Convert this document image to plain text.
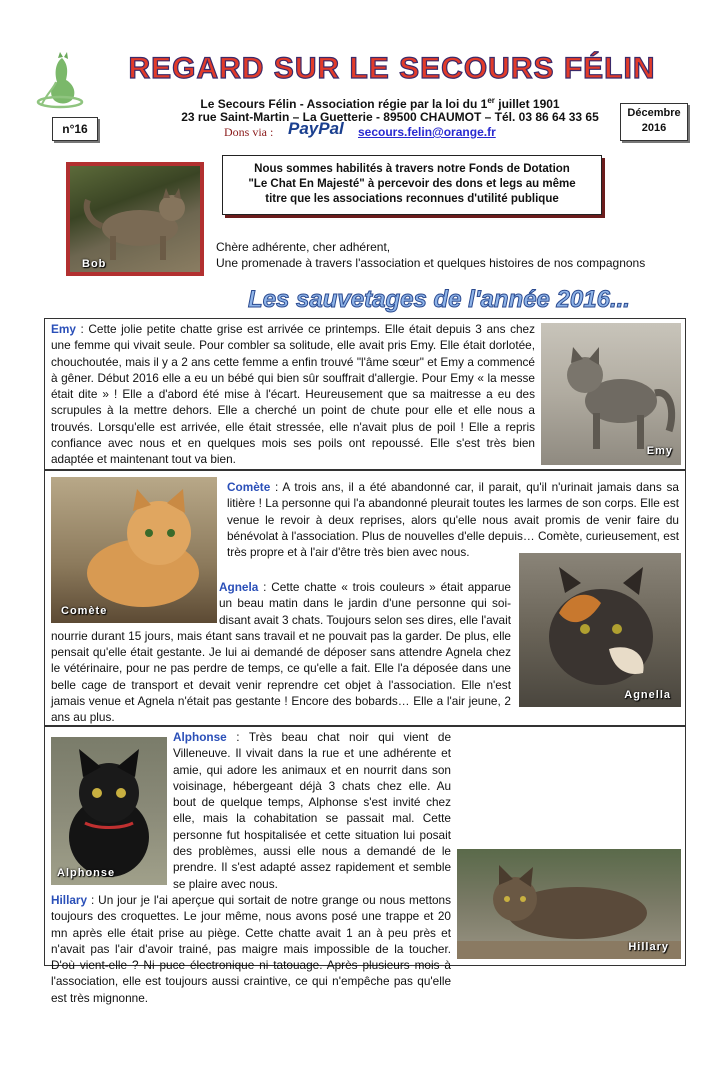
REGARD SUR LE SECOURS FÉLIN
n°16
Le Secours Félin - Association régie par la loi du 1er juillet 1901
23 rue Saint-Martin – La Guetterie - 89500 CHAUMOT – Tél. 03 86 64 33 65	Décembre
2016
Dons via : PayPal secours.felin@orange.fr
Bob
Nous sommes habilités à travers notre Fonds de Dotation
"Le Chat En Majesté" à percevoir des dons et legs au même
titre que les associations reconnues d'utilité publique
Chère adhérente, cher adhérent,
Une promenade à travers l'association et quelques histoires de nos compagnons
Les sauvetages de l'année 2016...
Emy : Cette jolie petite chatte grise est arrivée ce printemps. Elle était depuis 3 ans chez une femme qui vivait seule. Pour combler sa solitude, elle avait pris Emy. Elle était dorlotée, chouchoutée, mais il y a 2 ans cette femme a enfin trouvé "l'âme sœur" et Emy a commencé à gêner. Début 2016 elle a eu un bébé qui bien sûr souffrait d'allergie. Pour Emy « la messe était dite » ! Elle a d'abord été mise à l'écart. Heureusement que sa maitresse a eu des scrupules à la mettre dehors. Elle a cherché un point de chute pour elle et elle nous a trouvés. Lorsqu'elle est arrivée, elle était stressée, elle n'avait plus de poil ! Elle a repris confiance avec nous et en quelques mois ses poils ont repoussé. Elle s'est très bien adaptée et maintenant tout va bien.
Emy
Comète
Comète : A trois ans, il a été abandonné car, il parait, qu'il n'urinait jamais dans sa litière ! La personne qui l'a abandonné pleurait toutes les larmes de son corps. Elle est venue le revoir à deux reprises, alors qu'elle nous avait promis de venir faire du bénévolat à l'association. Plus de nouvelles d'elle depuis… Comète, curieusement, est très propre et à l'air d'être très bien avec nous.
Agnella
Agnela : Cette chatte « trois couleurs » était apparue un beau matin dans le jardin d'une personne qui soi-disant avait 3 chats. Toujours selon ses dires, elle l'avait nourrie durant 15 jours, mais étant sans travail et ne pouvait pas la garder. De plus, elle pensait qu'elle était gestante. Je lui ai demandé de déposer sans attendre Agnela chez le vétérinaire, pour ne pas perdre de temps, ce qu'elle a fait. Elle l'a déposée dans une belle cage de transport et devait venir reprendre cet objet à l'association. Elle n'est jamais venue et Agnela n'était pas gestante ! Encore des bobards… Elle a l'air jeune, 2 ans au plus.
Alphonse
Hillary
Alphonse : Très beau chat noir qui vient de Villeneuve. Il vivait dans la rue et une adhérente et amie, qui adore les animaux et en nourrit dans son voisinage, hébergeant déjà 3 chats chez elle. Au bout de quelque temps, Alphonse s'est invité chez elle, mais la cohabitation se passait mal. Cette personne fut hospitalisée et cette situation lui posait des problèmes, aussi elle nous a demandé de le prendre. Il s'est adapté assez rapidement et semble se plaire avec nous.
Hillary : Un jour je l'ai aperçue qui sortait de notre grange ou nous mettons toujours des croquettes. Le jour même, nous avons posé une trappe et 20 mn après elle était prise au piège. Cette chatte avait 1 an à peu près et n'avait pas l'air d'avoir trainé, pas maigre mais impossible de la toucher. D'où vient-elle ? Ni puce électronique ni tatouage. Après plusieurs mois à l'association, elle est toujours aussi craintive, ce qui n'empêche pas qu'elle est très mignonne.
